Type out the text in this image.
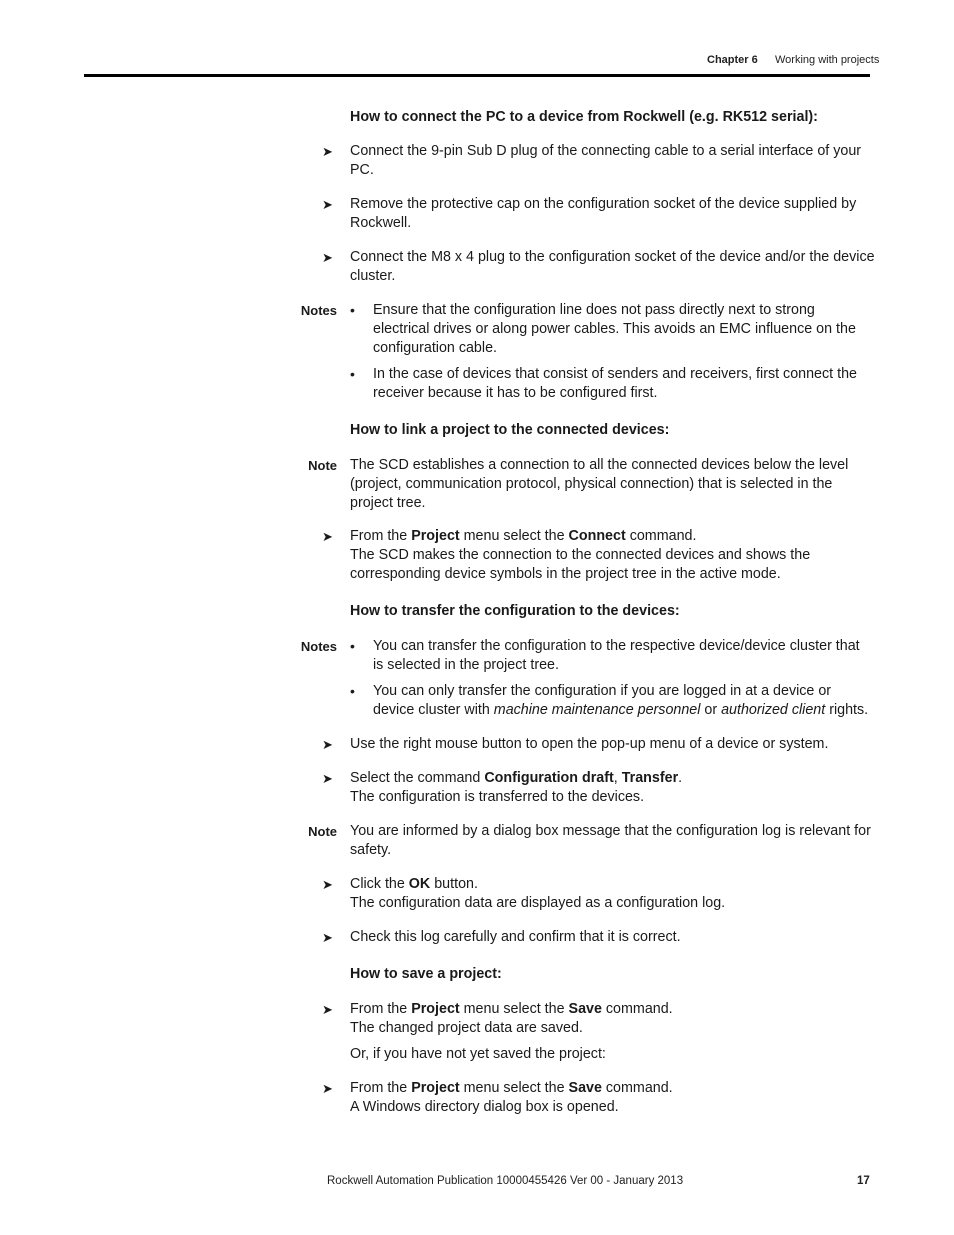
Chapter 6 Working with projects
How to connect the PC to a device from Rockwell (e.g. RK512 serial):
➤	Connect the 9-pin Sub D plug of the connecting cable to a serial interface of your PC.
➤	Remove the protective cap on the configuration socket of the device supplied by Rockwell.
➤	Connect the M8 x 4 plug to the configuration socket of the device and/or the device cluster.
Notes •	Ensure that the configuration line does not pass directly next to strong electrical drives or along power cables. This avoids an EMC influence on the configuration cable.
•	In the case of devices that consist of senders and receivers, first connect the receiver because it has to be configured first.
How to link a project to the connected devices:
Note The SCD establishes a connection to all the connected devices below the level (project, communication protocol, physical connection) that is selected in the project tree.
➤	From the Project menu select the Connect command.
The SCD makes the connection to the connected devices and shows the corresponding device symbols in the project tree in the active mode.
How to transfer the configuration to the devices:
Notes •	You can transfer the configuration to the respective device/device cluster that is selected in the project tree.
•	You can only transfer the configuration if you are logged in at a device or device cluster with machine maintenance personnel or authorized client rights.
➤	Use the right mouse button to open the pop-up menu of a device or system.
➤	Select the command Configuration draft, Transfer.
The configuration is transferred to the devices.
Note You are informed by a dialog box message that the configuration log is relevant for safety.
➤	Click the OK button.
The configuration data are displayed as a configuration log.
➤	Check this log carefully and confirm that it is correct.
How to save a project:
➤	From the Project menu select the Save command.
The changed project data are saved.
Or, if you have not yet saved the project:
➤	From the Project menu select the Save command.
A Windows directory dialog box is opened.
Rockwell Automation Publication 10000455426 Ver 00 - January 2013	17
